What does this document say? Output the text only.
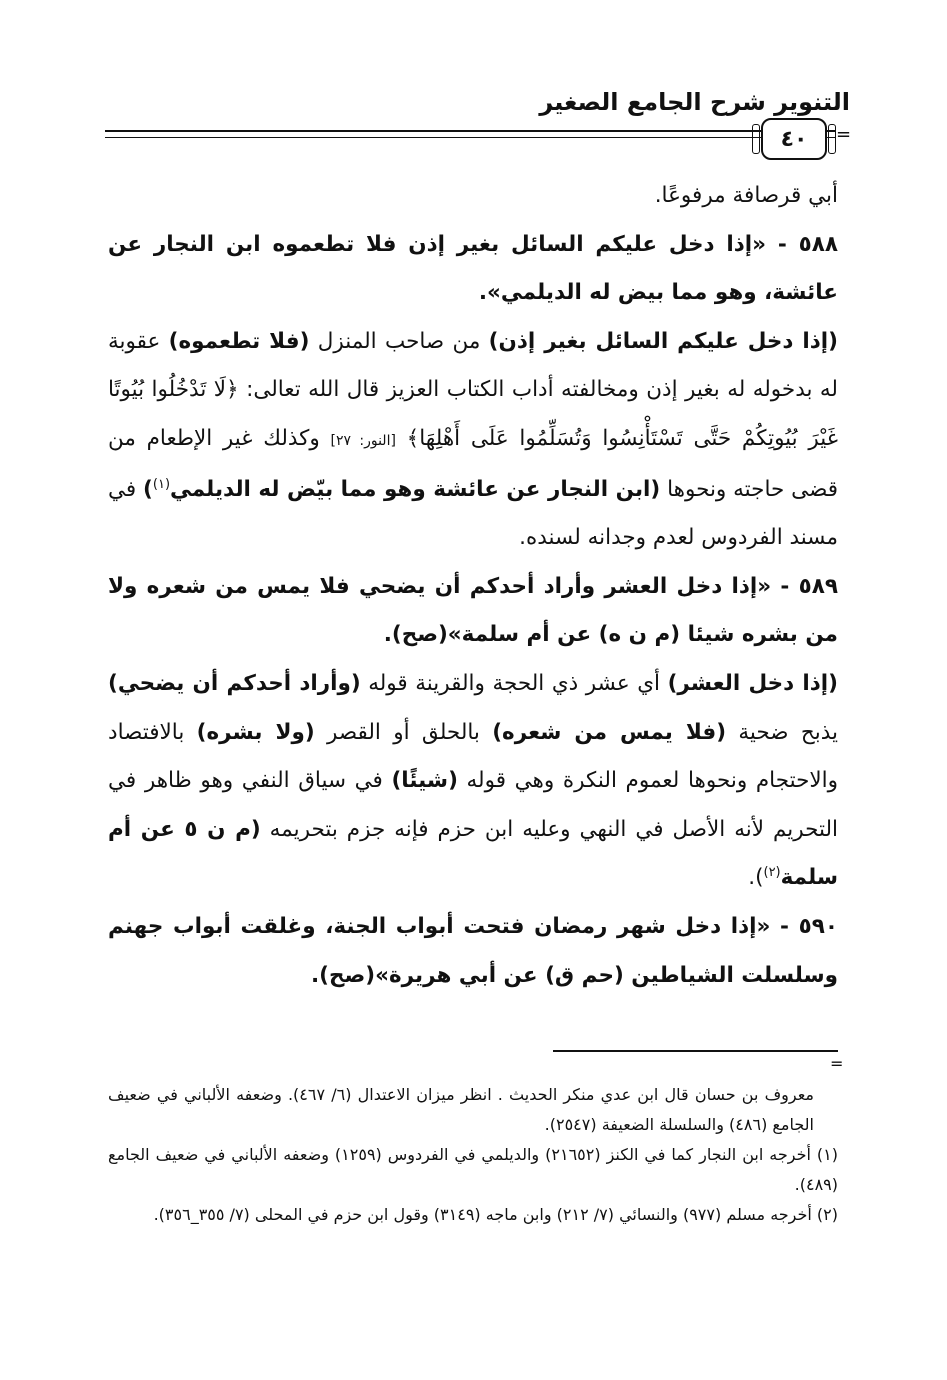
التنوير شرح الجامع الصغير
٤٠	=

أبي قرصافة مرفوعًا.

٥٨٨ - «إذا دخل عليكم السائل بغير إذن فلا تطعموه ابن النجار عن عائشة، وهو مما بيض له الديلمي».

(إذا دخل عليكم السائل بغير إذن) من صاحب المنزل (فلا تطعموه) عقوبة له بدخوله له بغير إذن ومخالفته أداب الكتاب العزيز قال الله تعالى: ﴿لَا تَدْخُلُوا بُيُوتًا غَيْرَ بُيُوتِكُمْ حَتَّى تَسْتَأْنِسُوا وَتُسَلِّمُوا عَلَى أَهْلِهَا﴾ [النور: ٢٧] وكذلك غير الإطعام من قضى حاجته ونحوها (ابن النجار عن عائشة وهو مما بيّض له الديلمي$^{(١)}$) في مسند الفردوس لعدم وجدانه لسنده.

٥٨٩ - «إذا دخل العشر وأراد أحدكم أن يضحي فلا يمس من شعره ولا من بشره شيئا (م ن ه) عن أم سلمة»(صح).

(إذا دخل العشر) أي عشر ذي الحجة والقرينة قوله (وأراد أحدكم أن يضحي) يذبح ضحية (فلا يمس من شعره) بالحلق أو القصر (ولا بشره) بالافتصاد والاحتجام ونحوها لعموم النكرة وهي قوله (شيئًا) في سياق النفي وهو ظاهر في التحريم لأنه الأصل في النهي وعليه ابن حزم فإنه جزم بتحريمه (م ن ٥ عن أم سلمة$^{(٢)}$).

٥٩٠ - «إذا دخل شهر رمضان فتحت أبواب الجنة، وغلقت أبواب جهنم وسلسلت الشياطين (حم ق) عن أبي هريرة»(صح).

=

معروف بن حسان قال ابن عدي منكر الحديث . انظر ميزان الاعتدال (٦/ ٤٦٧). وضعفه الألباني في ضعيف الجامع (٤٨٦) والسلسلة الضعيفة (٢٥٤٧).

(١) أخرجه ابن النجار كما في الكنز (٢١٦٥٢) والديلمي في الفردوس (١٢٥٩) وضعفه الألباني في ضعيف الجامع (٤٨٩).

(٢) أخرجه مسلم (٩٧٧) والنسائي (٧/ ٢١٢) وابن ماجه (٣١٤٩) وقول ابن حزم في المحلى (٧/ ٣٥٥_٣٥٦).
